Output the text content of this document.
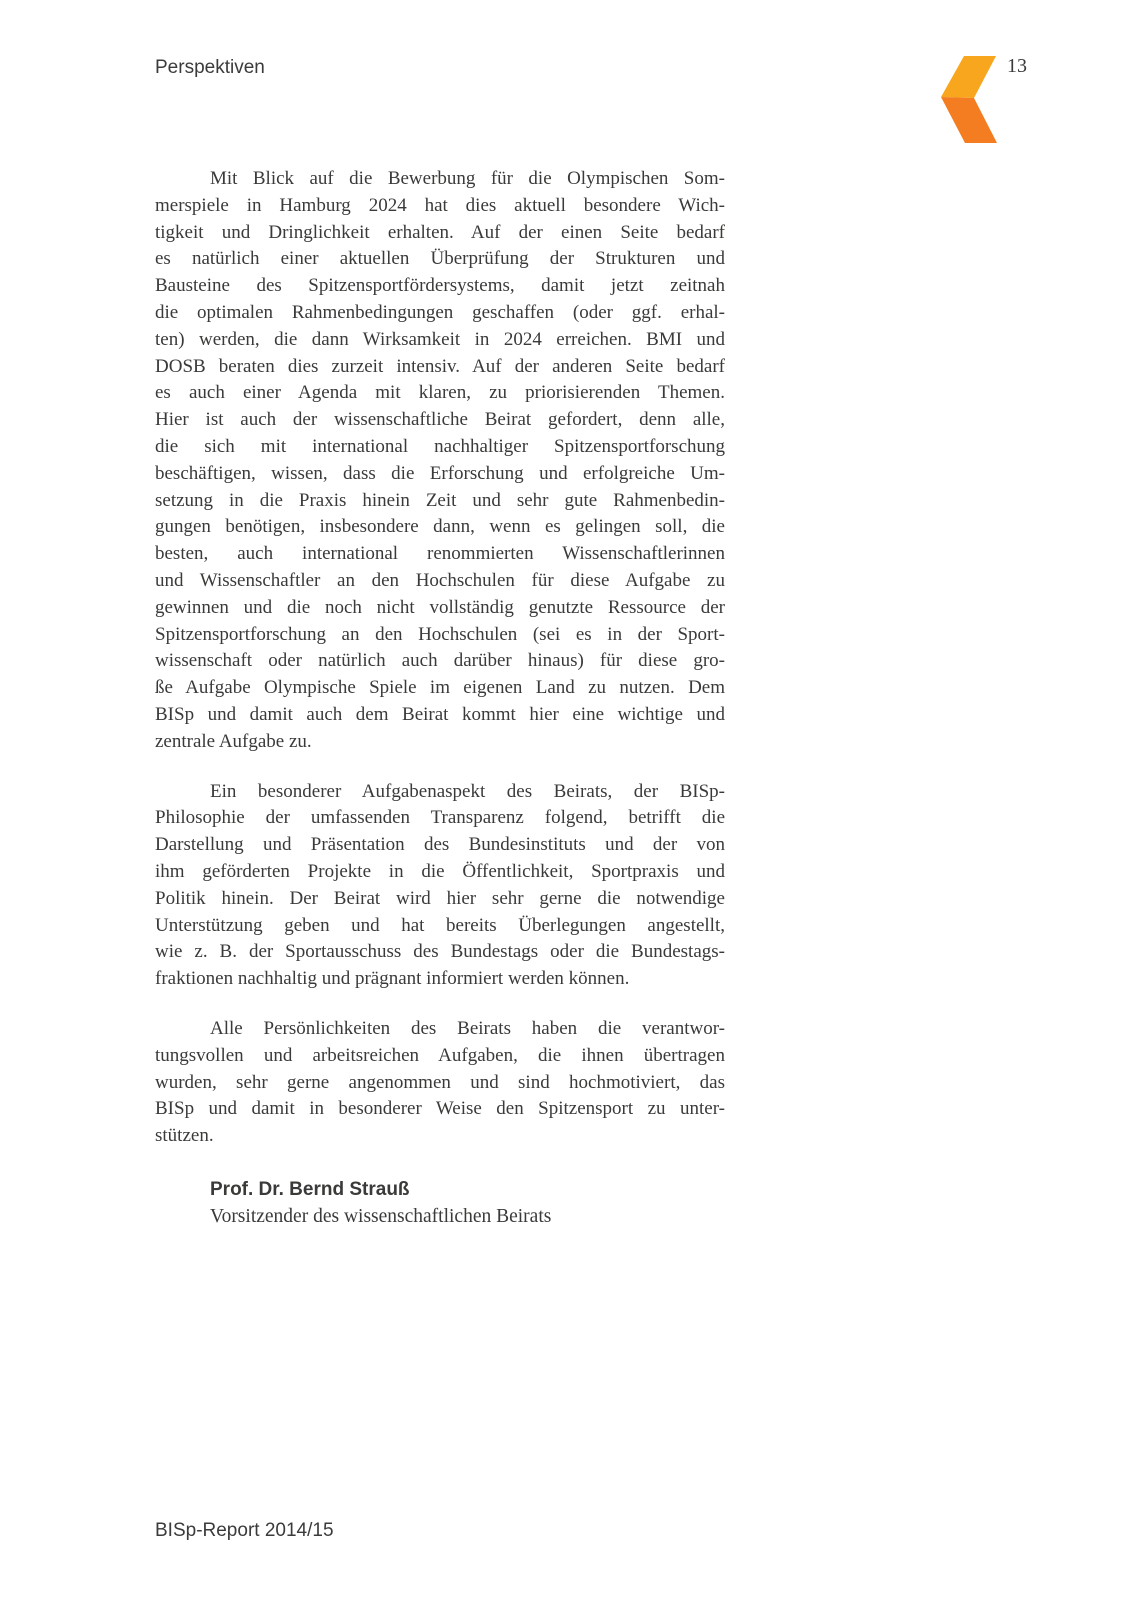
Perspektiven	13
Mit Blick auf die Bewerbung für die Olympischen Som-
merspiele in Hamburg 2024 hat dies aktuell besondere Wich-
tigkeit und Dringlichkeit erhalten. Auf der einen Seite bedarf
es natürlich einer aktuellen Überprüfung der Strukturen und
Bausteine des Spitzensportfördersystems, damit jetzt zeitnah
die optimalen Rahmenbedingungen geschaffen (oder ggf. erhal-
ten) werden, die dann Wirksamkeit in 2024 erreichen. BMI und
DOSB beraten dies zurzeit intensiv. Auf der anderen Seite bedarf
es auch einer Agenda mit klaren, zu priorisierenden Themen.
Hier ist auch der wissenschaftliche Beirat gefordert, denn alle,
die sich mit international nachhaltiger Spitzensportforschung
beschäftigen, wissen, dass die Erforschung und erfolgreiche Um-
setzung in die Praxis hinein Zeit und sehr gute Rahmenbedin-
gungen benötigen, insbesondere dann, wenn es gelingen soll, die
besten, auch international renommierten Wissenschaftlerinnen
und Wissenschaftler an den Hochschulen für diese Aufgabe zu
gewinnen und die noch nicht vollständig genutzte Ressource der
Spitzensportforschung an den Hochschulen (sei es in der Sport-
wissenschaft oder natürlich auch darüber hinaus) für diese gro-
ße Aufgabe Olympische Spiele im eigenen Land zu nutzen. Dem
BISp und damit auch dem Beirat kommt hier eine wichtige und
zentrale Aufgabe zu.
Ein besonderer Aufgabenaspekt des Beirats, der BISp-
Philosophie der umfassenden Transparenz folgend, betrifft die
Darstellung und Präsentation des Bundesinstituts und der von
ihm geförderten Projekte in die Öffentlichkeit, Sportpraxis und
Politik hinein. Der Beirat wird hier sehr gerne die notwendige
Unterstützung geben und hat bereits Überlegungen angestellt,
wie z. B. der Sportausschuss des Bundestags oder die Bundestags-
fraktionen nachhaltig und prägnant informiert werden können.
Alle Persönlichkeiten des Beirats haben die verantwor-
tungsvollen und arbeitsreichen Aufgaben, die ihnen übertragen
wurden, sehr gerne angenommen und sind hochmotiviert, das
BISp und damit in besonderer Weise den Spitzensport zu unter-
stützen.
Prof. Dr. Bernd Strauß
Vorsitzender des wissenschaftlichen Beirats
BISp-Report 2014/15
